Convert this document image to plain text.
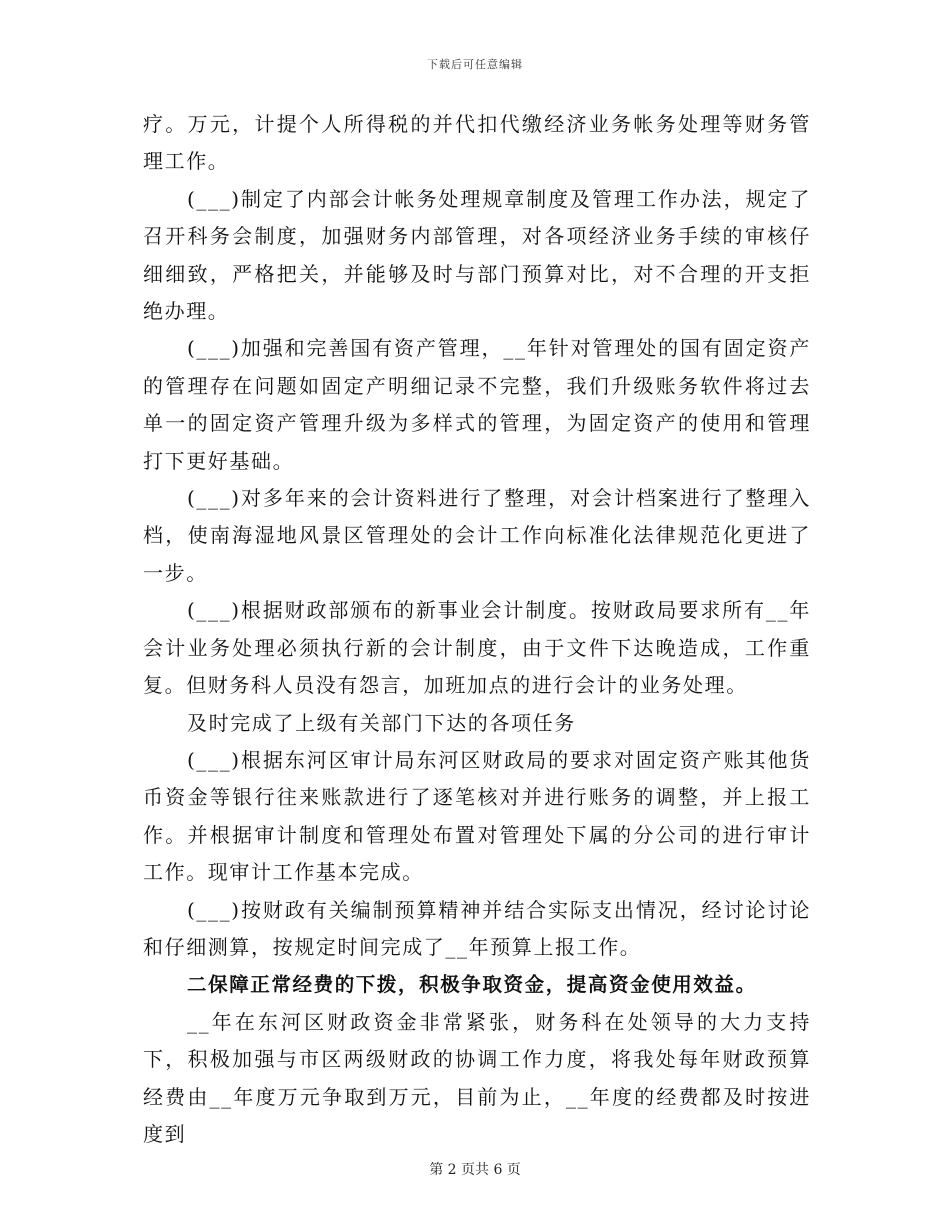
下载后可任意编辑

疗。万元，计提个人所得税的并代扣代缴经济业务帐务处理等财务管理工作。

(___)制定了内部会计帐务处理规章制度及管理工作办法，规定了召开科务会制度，加强财务内部管理，对各项经济业务手续的审核仔细细致，严格把关，并能够及时与部门预算对比，对不合理的开支拒绝办理。

(___)加强和完善国有资产管理，__年针对管理处的国有固定资产的管理存在问题如固定产明细记录不完整，我们升级账务软件将过去单一的固定资产管理升级为多样式的管理，为固定资产的使用和管理打下更好基础。

(___)对多年来的会计资料进行了整理，对会计档案进行了整理入档，使南海湿地风景区管理处的会计工作向标准化法律规范化更进了一步。

(___)根据财政部颁布的新事业会计制度。按财政局要求所有__年会计业务处理必须执行新的会计制度，由于文件下达晚造成，工作重复。但财务科人员没有怨言，加班加点的进行会计的业务处理。

及时完成了上级有关部门下达的各项任务

(___)根据东河区审计局东河区财政局的要求对固定资产账其他货币资金等银行往来账款进行了逐笔核对并进行账务的调整，并上报工作。并根据审计制度和管理处布置对管理处下属的分公司的进行审计工作。现审计工作基本完成。

(___)按财政有关编制预算精神并结合实际支出情况，经讨论讨论和仔细测算，按规定时间完成了__年预算上报工作。

二保障正常经费的下拨，积极争取资金，提高资金使用效益。

__年在东河区财政资金非常紧张，财务科在处领导的大力支持下，积极加强与市区两级财政的协调工作力度，将我处每年财政预算经费由__年度万元争取到万元，目前为止，__年度的经费都及时按进度到

第 2 页共 6 页
